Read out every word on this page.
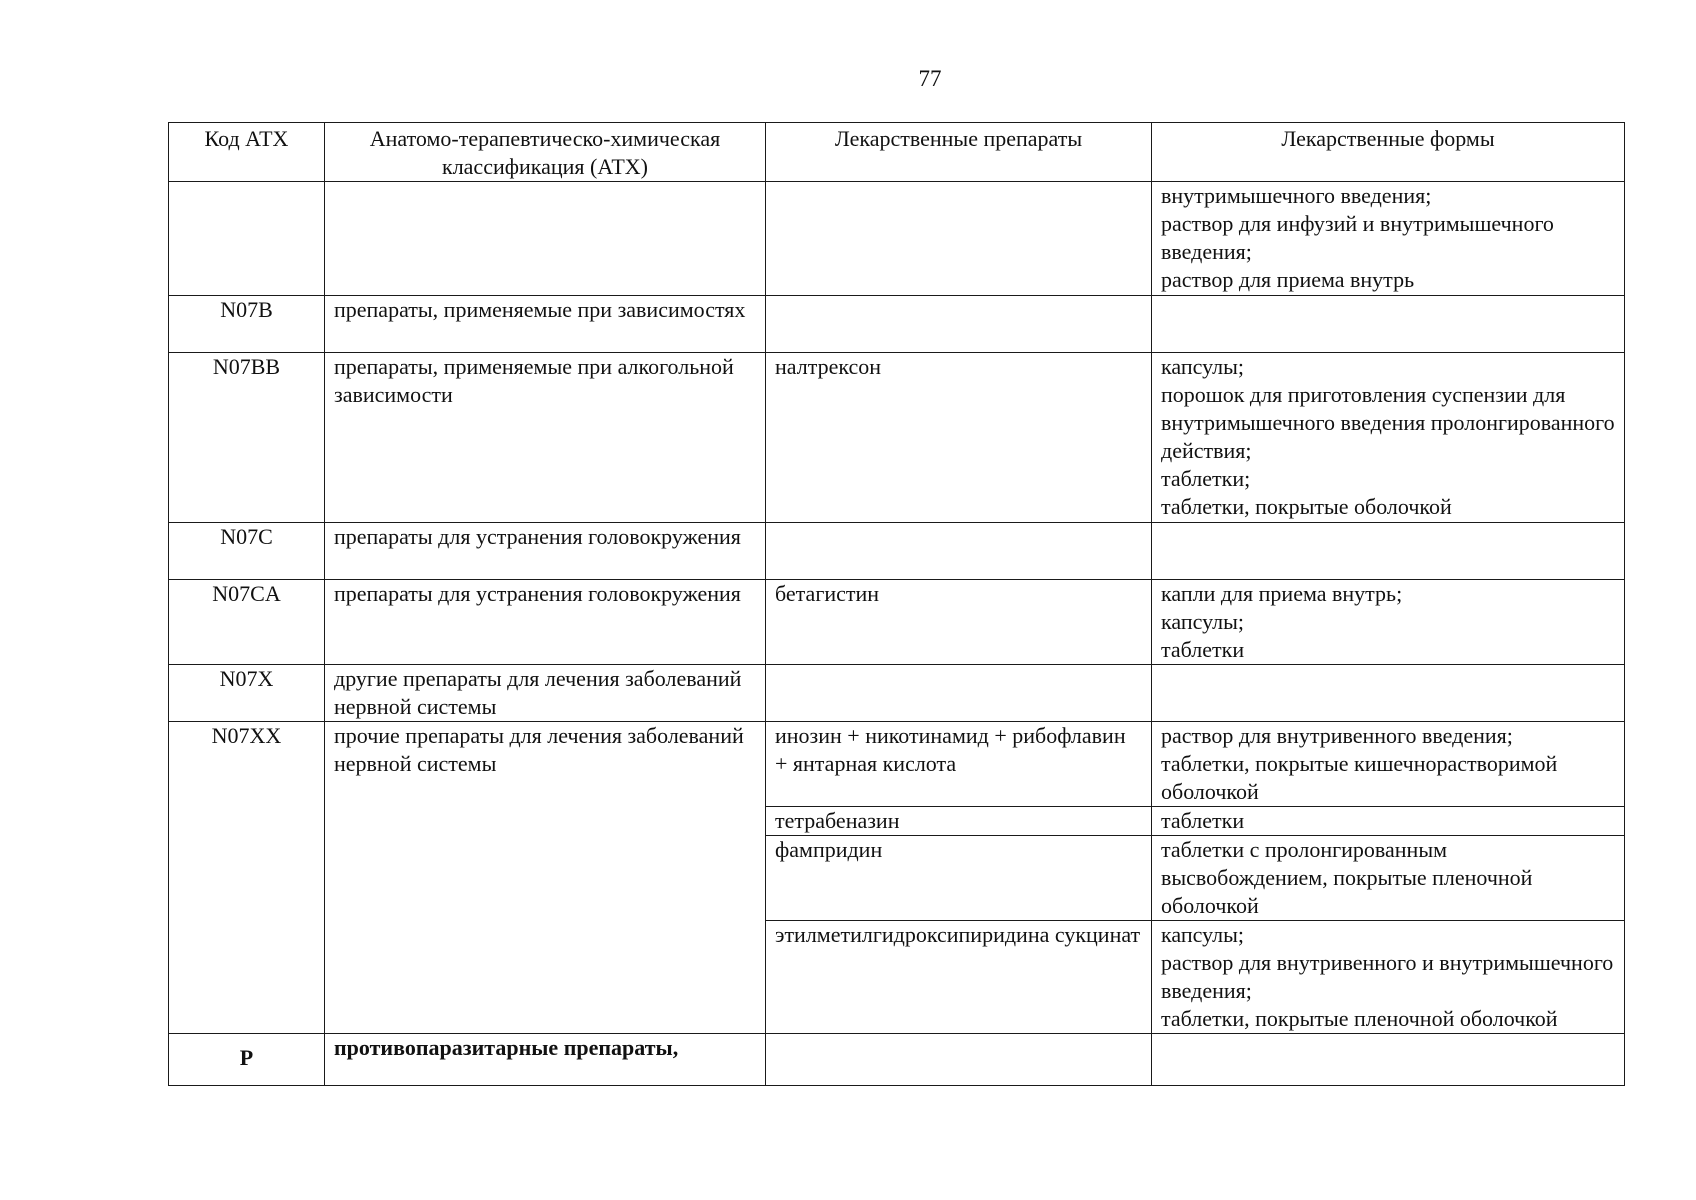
77
Код АТХ	Анатомо-терапевтическо-химическая классификация (АТХ)	Лекарственные препараты	Лекарственные формы

			внутримышечного введения;
раствор для инфузий и внутримышечного введения;
раствор для приема внутрь

N07B	препараты, применяемые при зависимостях		
N07BB	препараты, применяемые при алкогольной зависимости	налтрексон	капсулы;
порошок для приготовления суспензии для внутримышечного введения пролонгированного действия;
таблетки;
таблетки, покрытые оболочкой

N07C	препараты для устранения головокружения		
N07CA	препараты для устранения головокружения	бетагистин	капли для приема внутрь;
капсулы;
таблетки

N07X	другие препараты для лечения заболеваний нервной системы		
N07XX	прочие препараты для лечения заболеваний нервной системы	инозин + никотинамид + рибофлавин + янтарная кислота	раствор для внутривенного введения;
таблетки, покрытые кишечнорастворимой оболочкой

		тетрабеназин	таблетки

		фампридин	таблетки с пролонгированным высвобождением, покрытые пленочной оболочкой

		этилметилгидроксипиридина сукцинат	капсулы;
раствор для внутривенного и внутримышечного введения;
таблетки, покрытые пленочной оболочкой

P	противопаразитарные препараты,		
